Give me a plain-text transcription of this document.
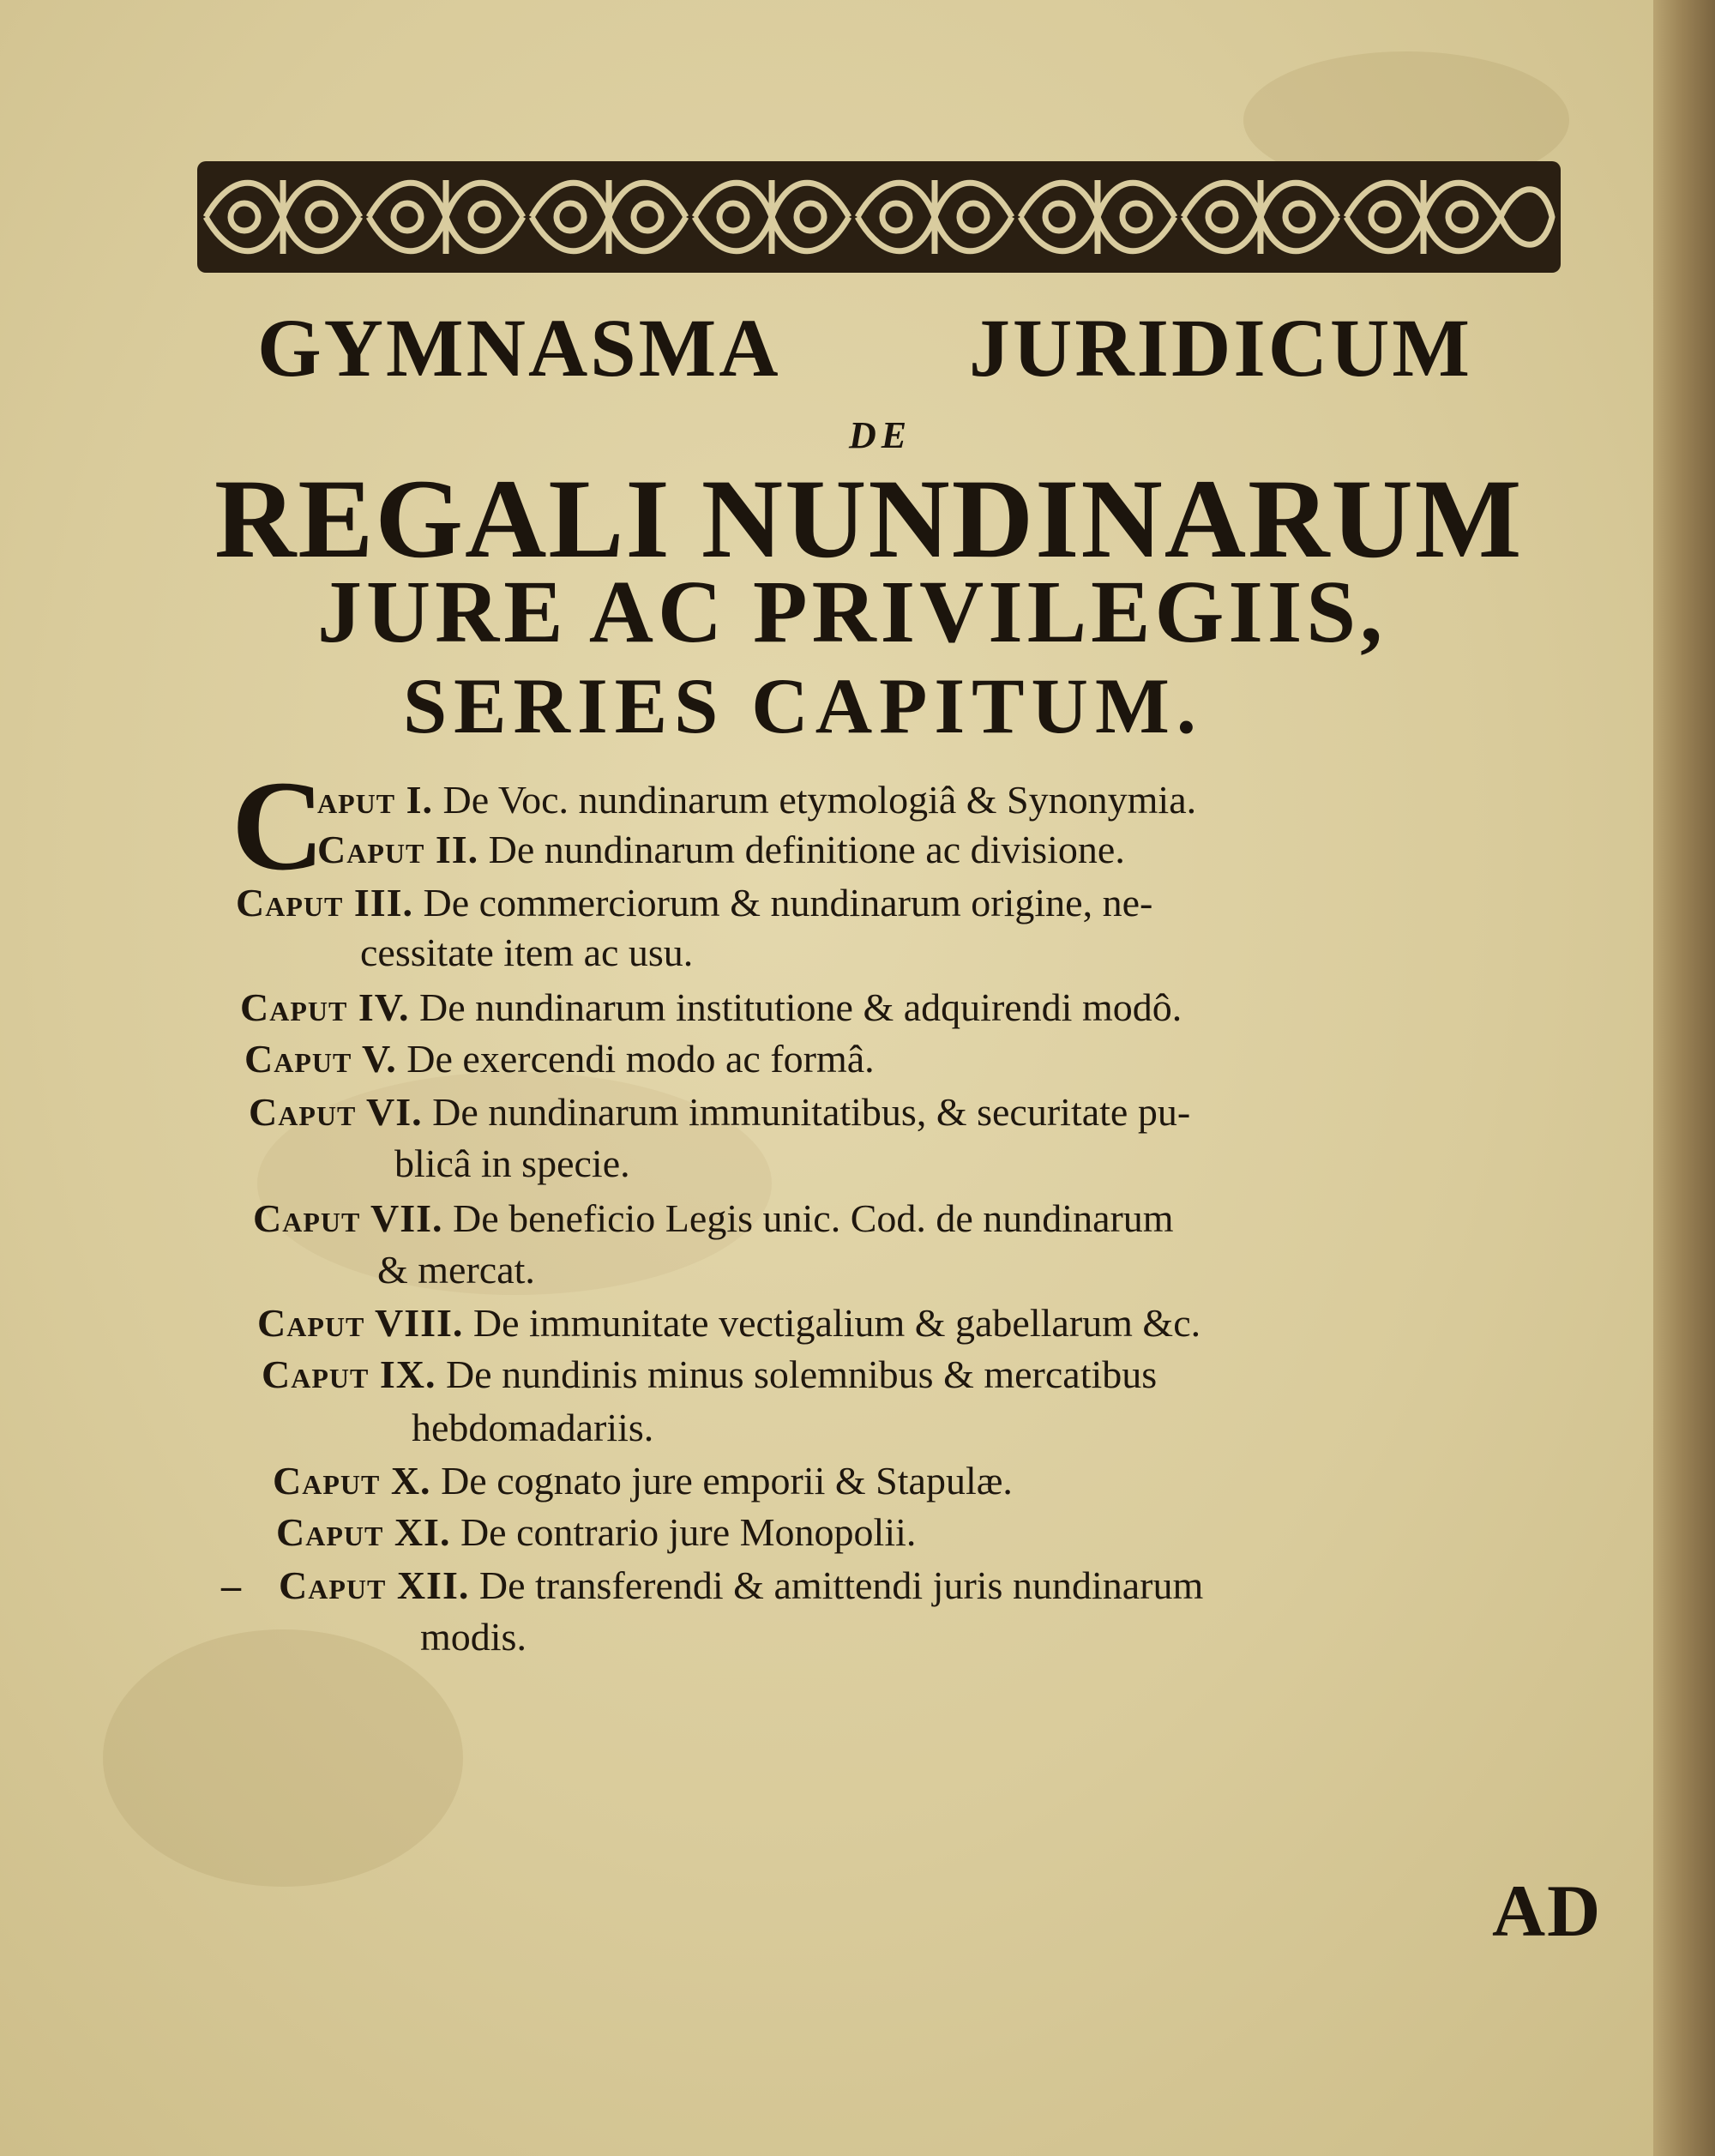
GYMNASMA JURIDICUM
DE
REGALI NUNDINARUM
JURE AC PRIVILEGIIS,
SERIES CAPITUM.
C
aput I. De Voc. nundinarum etymologiâ & Synonymia.
Caput II. De nundinarum definitione ac divisione.
Caput III. De commerciorum & nundinarum origine, ne-
cessitate item ac usu.
Caput IV. De nundinarum institutione & adquirendi modô.
Caput V. De exercendi modo ac formâ.
Caput VI. De nundinarum immunitatibus, & securitate pu-
blicâ in specie.
Caput VII. De beneficio Legis unic. Cod. de nundinarum
& mercat.
Caput VIII. De immunitate vectigalium & gabellarum &c.
Caput IX. De nundinis minus solemnibus & mercatibus
hebdomadariis.
Caput X. De cognato jure emporii & Stapulæ.
Caput XI. De contrario jure Monopolii.
– Caput XII. De transferendi & amittendi juris nundinarum
modis.
AD
